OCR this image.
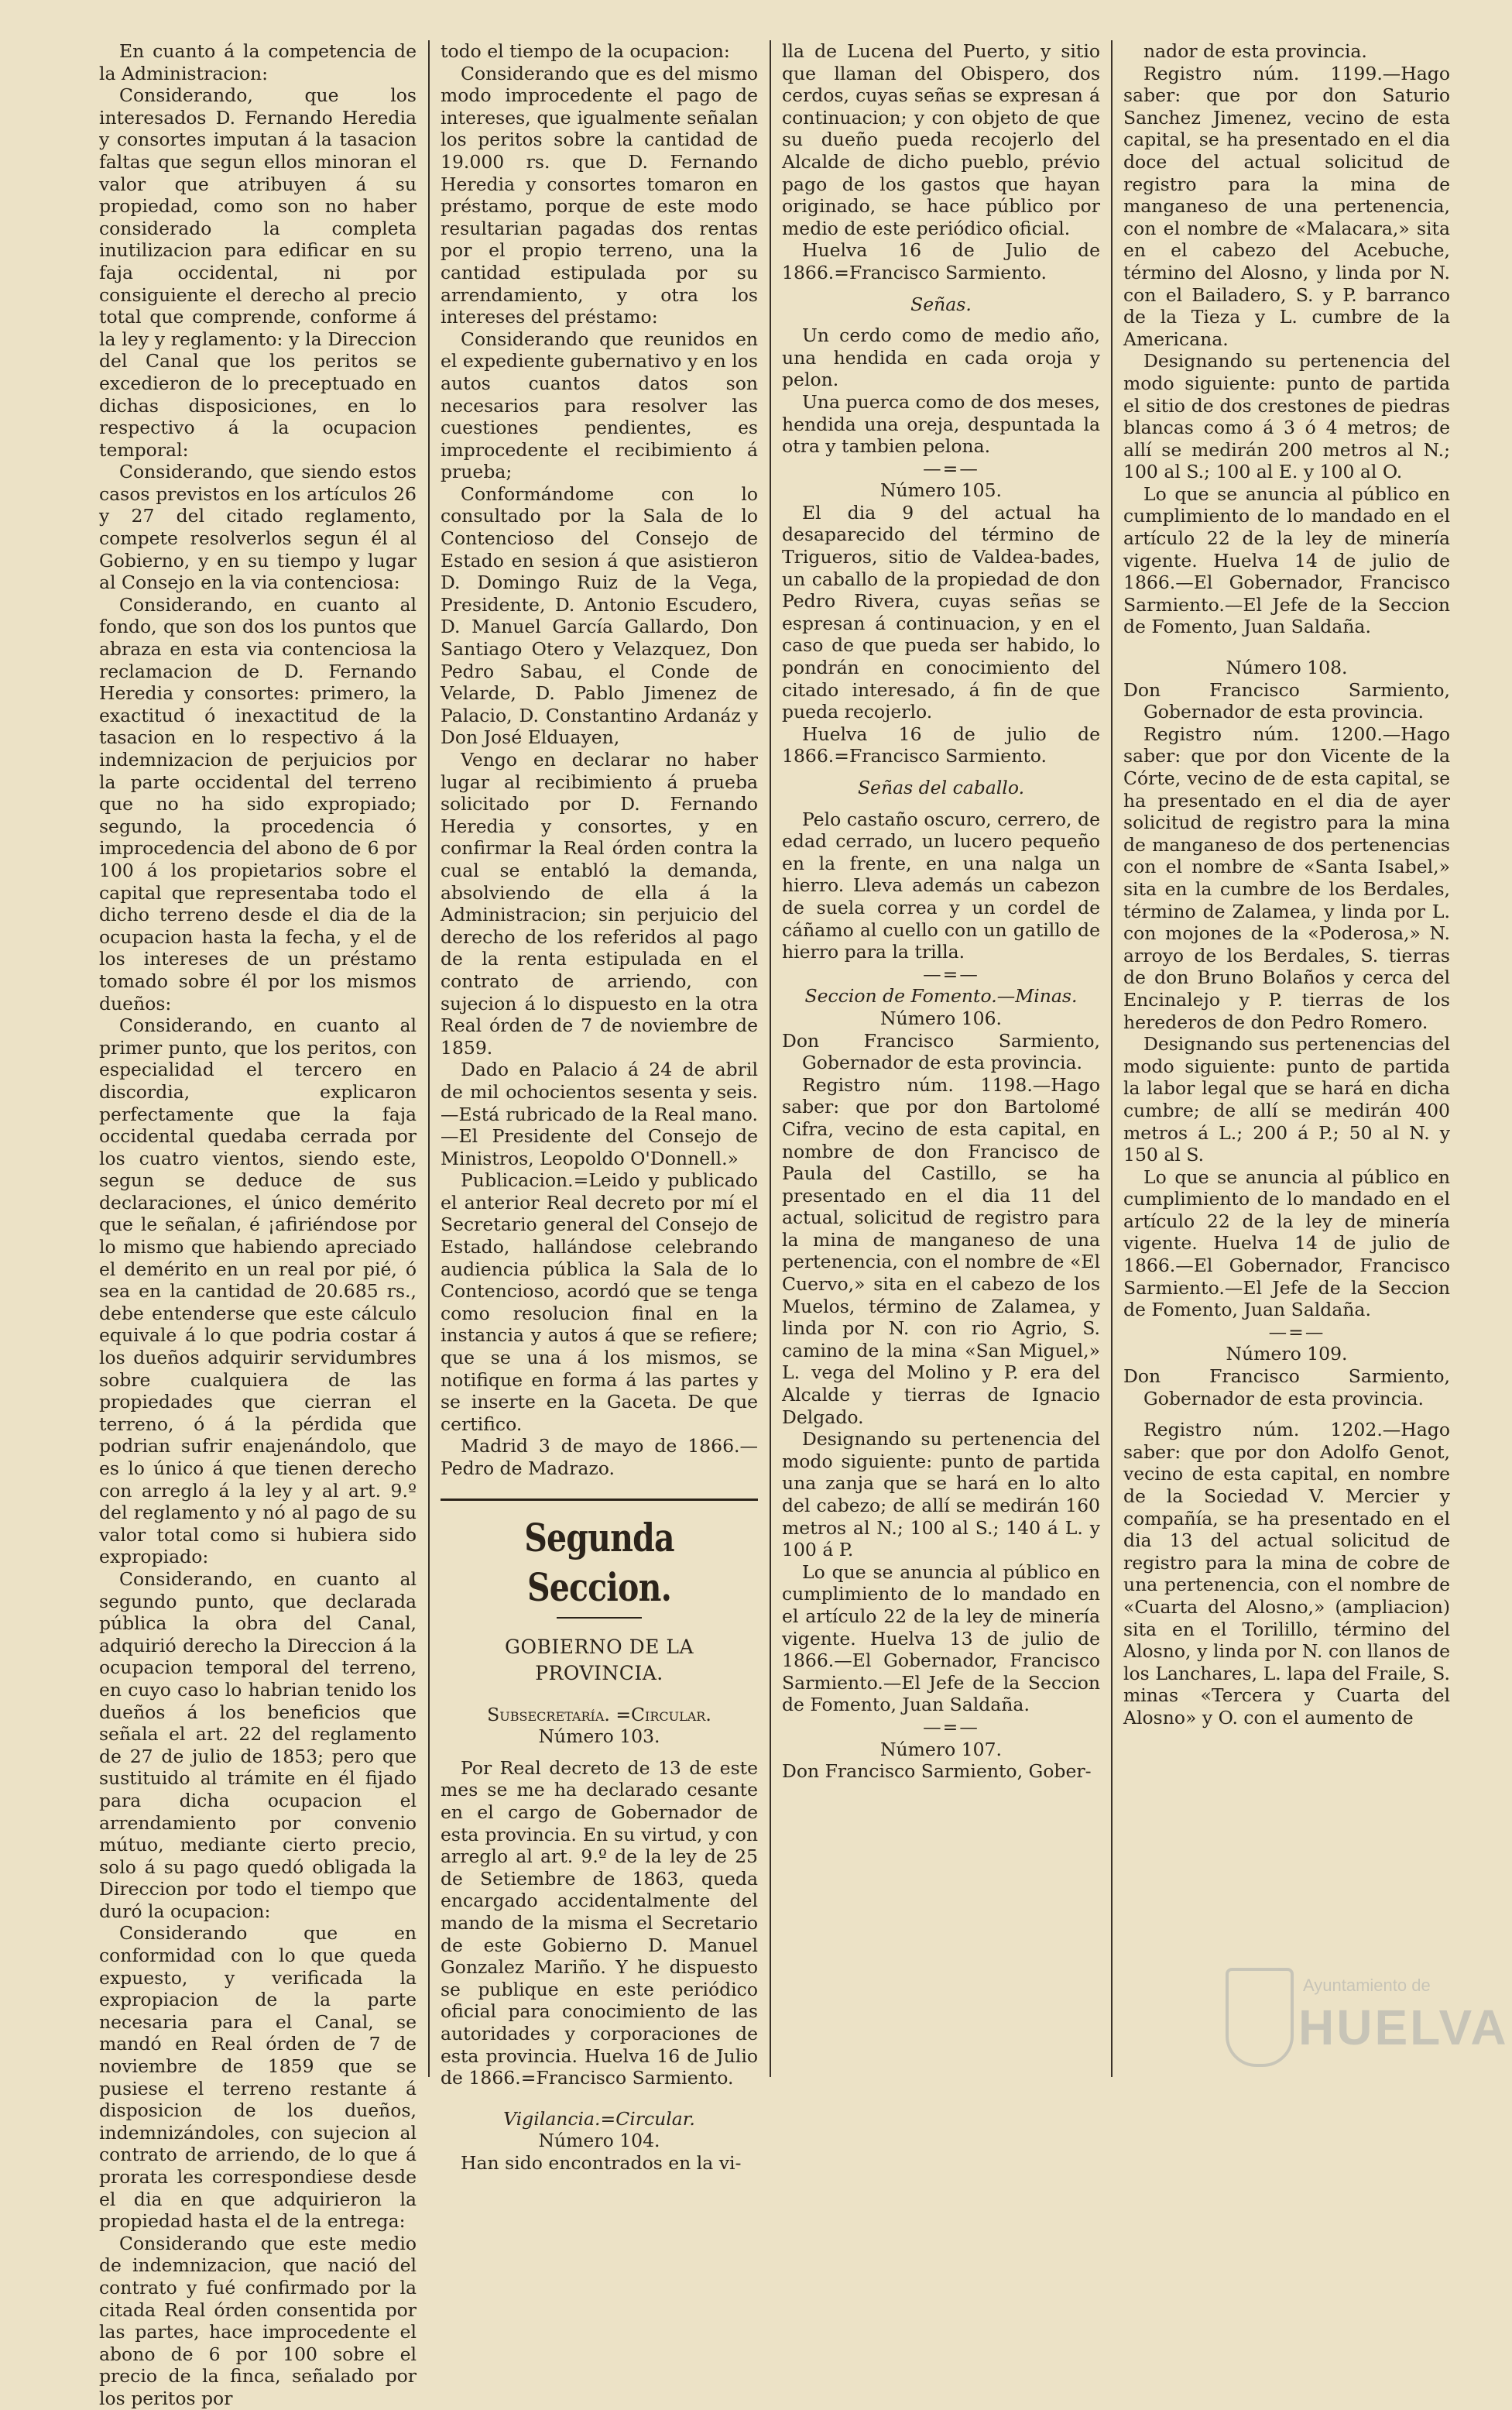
En cuanto á la competencia de la Administracion:

Considerando, que los interesados D. Fernando Heredia y consortes imputan á la tasacion faltas que segun ellos minoran el valor que atribuyen á su propiedad, como son no haber considerado la completa inutilizacion para edificar en su faja occidental, ni por consiguiente el derecho al precio total que comprende, conforme á la ley y reglamento: y la Direccion del Canal que los peritos se excedieron de lo preceptuado en dichas disposiciones, en lo respectivo á la ocupacion temporal:

Considerando, que siendo estos casos previstos en los artículos 26 y 27 del citado reglamento, compete resolverlos segun él al Gobierno, y en su tiempo y lugar al Consejo en la via contenciosa:

Considerando, en cuanto al fondo, que son dos los puntos que abraza en esta via contenciosa la reclamacion de D. Fernando Heredia y consortes: primero, la exactitud ó inexactitud de la tasacion en lo respectivo á la indemnizacion de perjuicios por la parte occidental del terreno que no ha sido expropiado; segundo, la procedencia ó improcedencia del abono de 6 por 100 á los propietarios sobre el capital que representaba todo el dicho terreno desde el dia de la ocupacion hasta la fecha, y el de los intereses de un préstamo tomado sobre él por los mismos dueños:

Considerando, en cuanto al primer punto, que los peritos, con especialidad el tercero en discordia, explicaron perfectamente que la faja occidental quedaba cerrada por los cuatro vientos, siendo este, segun se deduce de sus declaraciones, el único demérito que le señalan, é ¡afiriéndose por lo mismo que habiendo apreciado el demérito en un real por pié, ó sea en la cantidad de 20.685 rs., debe entenderse que este cálculo equivale á lo que podria costar á los dueños adquirir servidumbres sobre cualquiera de las propiedades que cierran el terreno, ó á la pérdida que podrian sufrir enajenándolo, que es lo único á que tienen derecho con arreglo á la ley y al art. 9.º del reglamento y nó al pago de su valor total como si hubiera sido expropiado:

Considerando, en cuanto al segundo punto, que declarada pública la obra del Canal, adquirió derecho la Direccion á la ocupacion temporal del terreno, en cuyo caso lo habrian tenido los dueños á los beneficios que señala el art. 22 del reglamento de 27 de julio de 1853; pero que sustituido al trámite en él fijado para dicha ocupacion el arrendamiento por convenio mútuo, mediante cierto precio, solo á su pago quedó obligada la Direccion por todo el tiempo que duró la ocupacion:

Considerando que en conformidad con lo que queda expuesto, y verificada la expropiacion de la parte necesaria para el Canal, se mandó en Real órden de 7 de noviembre de 1859 que se pusiese el terreno restante á disposicion de los dueños, indemnizándoles, con sujecion al contrato de arriendo, de lo que á prorata les correspondiese desde el dia en que adquirieron la propiedad hasta el de la entrega:

Considerando que este medio de indemnizacion, que nació del contrato y fué confirmado por la citada Real órden consentida por las partes, hace improcedente el abono de 6 por 100 sobre el precio de la finca, señalado por los peritos por

todo el tiempo de la ocupacion:

Considerando que es del mismo modo improcedente el pago de intereses, que igualmente señalan los peritos sobre la cantidad de 19.000 rs. que D. Fernando Heredia y consortes tomaron en préstamo, porque de este modo resultarian pagadas dos rentas por el propio terreno, una la cantidad estipulada por su arrendamiento, y otra los intereses del préstamo:

Considerando que reunidos en el expediente gubernativo y en los autos cuantos datos son necesarios para resolver las cuestiones pendientes, es improcedente el recibimiento á prueba;

Conformándome con lo consultado por la Sala de lo Contencioso del Consejo de Estado en sesion á que asistieron D. Domingo Ruiz de la Vega, Presidente, D. Antonio Escudero, D. Manuel García Gallardo, Don Santiago Otero y Velazquez, Don Pedro Sabau, el Conde de Velarde, D. Pablo Jimenez de Palacio, D. Constantino Ardanáz y Don José Elduayen,

Vengo en declarar no haber lugar al recibimiento á prueba solicitado por D. Fernando Heredia y consortes, y en confirmar la Real órden contra la cual se entabló la demanda, absolviendo de ella á la Administracion; sin perjuicio del derecho de los referidos al pago de la renta estipulada en el contrato de arriendo, con sujecion á lo dispuesto en la otra Real órden de 7 de noviembre de 1859.

Dado en Palacio á 24 de abril de mil ochocientos sesenta y seis.—Está rubricado de la Real mano.—El Presidente del Consejo de Ministros, Leopoldo O'Donnell.»

Publicacion.=Leido y publicado el anterior Real decreto por mí el Secretario general del Consejo de Estado, hallándose celebrando audiencia pública la Sala de lo Contencioso, acordó que se tenga como resolucion final en la instancia y autos á que se refiere; que se una á los mismos, se notifique en forma á las partes y se inserte en la Gaceta. De que certifico.

Madrid 3 de mayo de 1866.—Pedro de Madrazo.

Segunda Seccion.
GOBIERNO DE LA PROVINCIA.

Subsecretaría. =Circular.

Número 103.

Por Real decreto de 13 de este mes se me ha declarado cesante en el cargo de Gobernador de esta provincia. En su virtud, y con arreglo al art. 9.º de la ley de 25 de Setiembre de 1863, queda encargado accidentalmente del mando de la misma el Secretario de este Gobierno D. Manuel Gonzalez Mariño. Y he dispuesto se publique en este periódico oficial para conocimiento de las autoridades y corporaciones de esta provincia. Huelva 16 de Julio de 1866.=Francisco Sarmiento.

Vigilancia.=Circular.

Número 104.

Han sido encontrados en la vi-

lla de Lucena del Puerto, y sitio que llaman del Obispero, dos cerdos, cuyas señas se expresan á continuacion; y con objeto de que su dueño pueda recojerlo del Alcalde de dicho pueblo, prévio pago de los gastos que hayan originado, se hace público por medio de este periódico oficial.

Huelva 16 de Julio de 1866.=Francisco Sarmiento.

Señas.

Un cerdo como de medio año, una hendida en cada oroja y pelon.

Una puerca como de dos meses, hendida una oreja, despuntada la otra y tambien pelona.

—=—

Número 105.

El dia 9 del actual ha desaparecido del término de Trigueros, sitio de Valdea-bades, un caballo de la propiedad de don Pedro Rivera, cuyas señas se espresan á continuacion, y en el caso de que pueda ser habido, lo pondrán en conocimiento del citado interesado, á fin de que pueda recojerlo.

Huelva 16 de julio de 1866.=Francisco Sarmiento.

Señas del caballo.

Pelo castaño oscuro, cerrero, de edad cerrado, un lucero pequeño en la frente, en una nalga un hierro. Lleva además un cabezon de suela correa y un cordel de cáñamo al cuello con un gatillo de hierro para la trilla.

—=—

Seccion de Fomento.—Minas.

Número 106.

Don Francisco Sarmiento, Gobernador de esta provincia.

Registro núm. 1198.—Hago saber: que por don Bartolomé Cifra, vecino de esta capital, en nombre de don Francisco de Paula del Castillo, se ha presentado en el dia 11 del actual, solicitud de registro para la mina de manganeso de una pertenencia, con el nombre de «El Cuervo,» sita en el cabezo de los Muelos, término de Zalamea, y linda por N. con rio Agrio, S. camino de la mina «San Miguel,» L. vega del Molino y P. era del Alcalde y tierras de Ignacio Delgado.

Designando su pertenencia del modo siguiente: punto de partida una zanja que se hará en lo alto del cabezo; de allí se medirán 160 metros al N.; 100 al S.; 140 á L. y 100 á P.

Lo que se anuncia al público en cumplimiento de lo mandado en el artículo 22 de la ley de minería vigente. Huelva 13 de julio de 1866.—El Gobernador, Francisco Sarmiento.—El Jefe de la Seccion de Fomento, Juan Saldaña.

—=—

Número 107.

Don Francisco Sarmiento, Gober-

nador de esta provincia.

Registro núm. 1199.—Hago saber: que por don Saturio Sanchez Jimenez, vecino de esta capital, se ha presentado en el dia doce del actual solicitud de registro para la mina de manganeso de una pertenencia, con el nombre de «Malacara,» sita en el cabezo del Acebuche, término del Alosno, y linda por N. con el Bailadero, S. y P. barranco de la Tieza y L. cumbre de la Americana.

Designando su pertenencia del modo siguiente: punto de partida el sitio de dos crestones de piedras blancas como á 3 ó 4 metros; de allí se medirán 200 metros al N.; 100 al S.; 100 al E. y 100 al O.

Lo que se anuncia al público en cumplimiento de lo mandado en el artículo 22 de la ley de minería vigente. Huelva 14 de julio de 1866.—El Gobernador, Francisco Sarmiento.—El Jefe de la Seccion de Fomento, Juan Saldaña.

Número 108.

Don Francisco Sarmiento, Gobernador de esta provincia.

Registro núm. 1200.—Hago saber: que por don Vicente de la Córte, vecino de de esta capital, se ha presentado en el dia de ayer solicitud de registro para la mina de manganeso de dos pertenencias con el nombre de «Santa Isabel,» sita en la cumbre de los Berdales, término de Zalamea, y linda por L. con mojones de la «Poderosa,» N. arroyo de los Berdales, S. tierras de don Bruno Bolaños y cerca del Encinalejo y P. tierras de los herederos de don Pedro Romero.

Designando sus pertenencias del modo siguiente: punto de partida la labor legal que se hará en dicha cumbre; de allí se medirán 400 metros á L.; 200 á P.; 50 al N. y 150 al S.

Lo que se anuncia al público en cumplimiento de lo mandado en el artículo 22 de la ley de minería vigente. Huelva 14 de julio de 1866.—El Gobernador, Francisco Sarmiento.—El Jefe de la Seccion de Fomento, Juan Saldaña.

—=—

Número 109.

Don Francisco Sarmiento, Gobernador de esta provincia.

Registro núm. 1202.—Hago saber: que por don Adolfo Genot, vecino de esta capital, en nombre de la Sociedad V. Mercier y compañía, se ha presentado en el dia 13 del actual solicitud de registro para la mina de cobre de una pertenencia, con el nombre de «Cuarta del Alosno,» (ampliacion) sita en el Torilillo, término del Alosno, y linda por N. con llanos de los Lanchares, L. lapa del Fraile, S. minas «Tercera y Cuarta del Alosno» y O. con el aumento de

Ayuntamiento de
HUELVA
